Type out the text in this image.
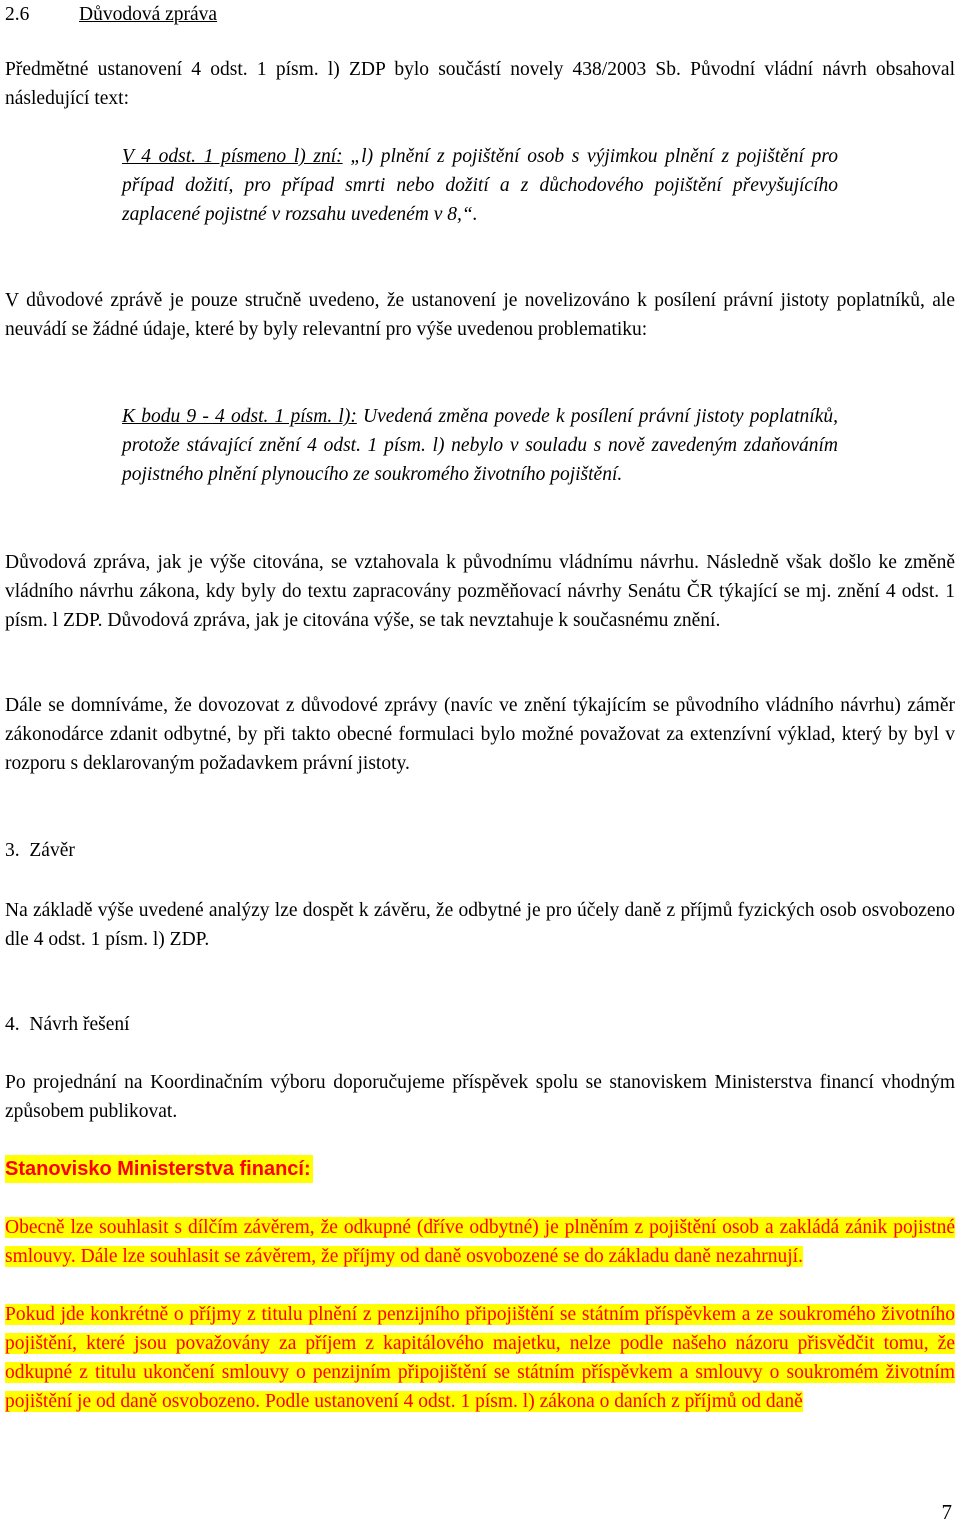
2.6	Důvodová zpráva
Předmětné ustanovení 4 odst. 1 písm. l) ZDP bylo součástí novely 438/2003 Sb. Původní vládní návrh obsahoval následující text:
V 4 odst. 1 písmeno l) zní: „l) plnění z pojištění osob s výjimkou plnění z pojištění pro případ dožití, pro případ smrti nebo dožití a z důchodového pojištění převyšujícího zaplacené pojistné v rozsahu uvedeném v 8,“.
V důvodové zprávě je pouze stručně uvedeno, že ustanovení je novelizováno k posílení právní jistoty poplatníků, ale neuvádí se žádné údaje, které by byly relevantní pro výše uvedenou problematiku:
K bodu 9 - 4 odst. 1 písm. l): Uvedená změna povede k posílení právní jistoty poplatníků, protože stávající znění 4 odst. 1 písm. l) nebylo v souladu s nově zavedeným zdaňováním pojistného plnění plynoucího ze soukromého životního pojištění.
Důvodová zpráva, jak je výše citována, se vztahovala k původnímu vládnímu návrhu. Následně však došlo ke změně vládního návrhu zákona, kdy byly do textu zapracovány pozměňovací návrhy Senátu ČR týkající se mj. znění 4 odst. 1 písm. l ZDP. Důvodová zpráva, jak je citována výše, se tak nevztahuje k současnému znění.
Dále se domníváme, že dovozovat z důvodové zprávy (navíc ve znění týkajícím se původního vládního návrhu) záměr zákonodárce zdanit odbytné, by při takto obecné formulaci bylo možné považovat za extenzívní výklad, který by byl v rozporu s deklarovaným požadavkem právní jistoty.
3. Závěr
Na základě výše uvedené analýzy lze dospět k závěru, že odbytné je pro účely daně z příjmů fyzických osob osvobozeno dle 4 odst. 1 písm. l) ZDP.
4. Návrh řešení
Po projednání na Koordinačním výboru doporučujeme příspěvek spolu se stanoviskem Ministerstva financí vhodným způsobem publikovat.
Stanovisko Ministerstva financí:
Obecně lze souhlasit s dílčím závěrem, že odkupné (dříve odbytné) je plněním z pojištění osob a zakládá zánik pojistné smlouvy. Dále lze souhlasit se závěrem, že příjmy od daně osvobozené se do základu daně nezahrnují.
Pokud jde konkrétně o příjmy z titulu plnění z penzijního připojištění se státním příspěvkem a ze soukromého životního pojištění, které jsou považovány za příjem z kapitálového majetku, nelze podle našeho názoru přisvědčit tomu, že odkupné z titulu ukončení smlouvy o penzijním připojištění se státním příspěvkem a smlouvy o soukromém životním pojištění je od daně osvobozeno. Podle ustanovení 4 odst. 1 písm. l) zákona o daních z příjmů od daně
7
